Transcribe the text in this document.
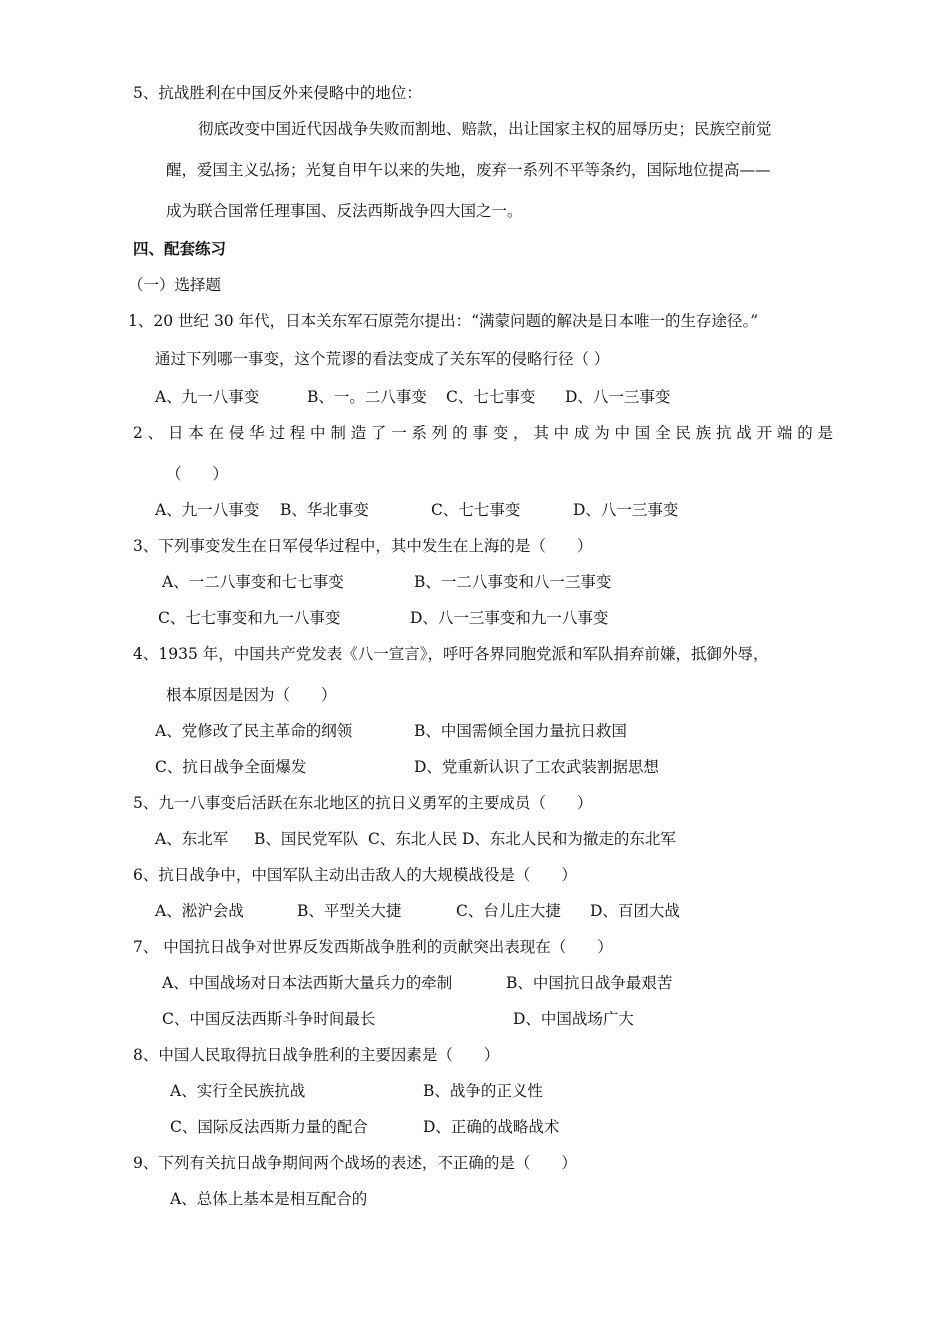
5、抗战胜利在中国反外来侵略中的地位：
彻底改变中国近代因战争失败而割地、赔款，出让国家主权的屈辱历史；民族空前觉
醒，爱国主义弘扬；光复自甲午以来的失地，废弃一系列不平等条约，国际地位提高——
成为联合国常任理事国、反法西斯战争四大国之一。
四、配套练习
（一）选择题
1、20 世纪 30 年代，日本关东军石原莞尔提出：“满蒙问题的解决是日本唯一的生存途径。”
通过下列哪一事变，这个荒谬的看法变成了关东军的侵略行径（ ）
A、九一八事变	B、一。二八事变 C、七七事变 D、八一三事变
2、日本在侵华过程中制造了一系列的事变，其中成为中国全民族抗战开端的是
（　　）
A、九一八事变 B、华北事变	C、七七事变	D、八一三事变
3、下列事变发生在日军侵华过程中，其中发生在上海的是（　　）
A、一二八事变和七七事变	B、一二八事变和八一三事变
C、七七事变和九一八事变	D、八一三事变和九一八事变
4、1935 年，中国共产党发表《八一宣言》，呼吁各界同胞党派和军队捐弃前嫌，抵御外辱，
根本原因是因为（　　）
A、党修改了民主革命的纲领	B、中国需倾全国力量抗日救国
C、抗日战争全面爆发	D、党重新认识了工农武装割据思想
5、九一八事变后活跃在东北地区的抗日义勇军的主要成员（　　）
A、东北军 B、国民党军队 C、东北人民 D、东北人民和为撤走的东北军
6、抗日战争中，中国军队主动出击敌人的大规模战役是（　　）
A、淞沪会战	B、平型关大捷	C、台儿庄大捷 D、百团大战
7、 中国抗日战争对世界反发西斯战争胜利的贡献突出表现在（　　）
A、中国战场对日本法西斯大量兵力的牵制	B、中国抗日战争最艰苦
C、中国反法西斯斗争时间最长	D、中国战场广大
8、中国人民取得抗日战争胜利的主要因素是（　　）
A、实行全民族抗战	B、战争的正义性
C、国际反法西斯力量的配合	D、正确的战略战术
9、下列有关抗日战争期间两个战场的表述，不正确的是（　　）
A、总体上基本是相互配合的
